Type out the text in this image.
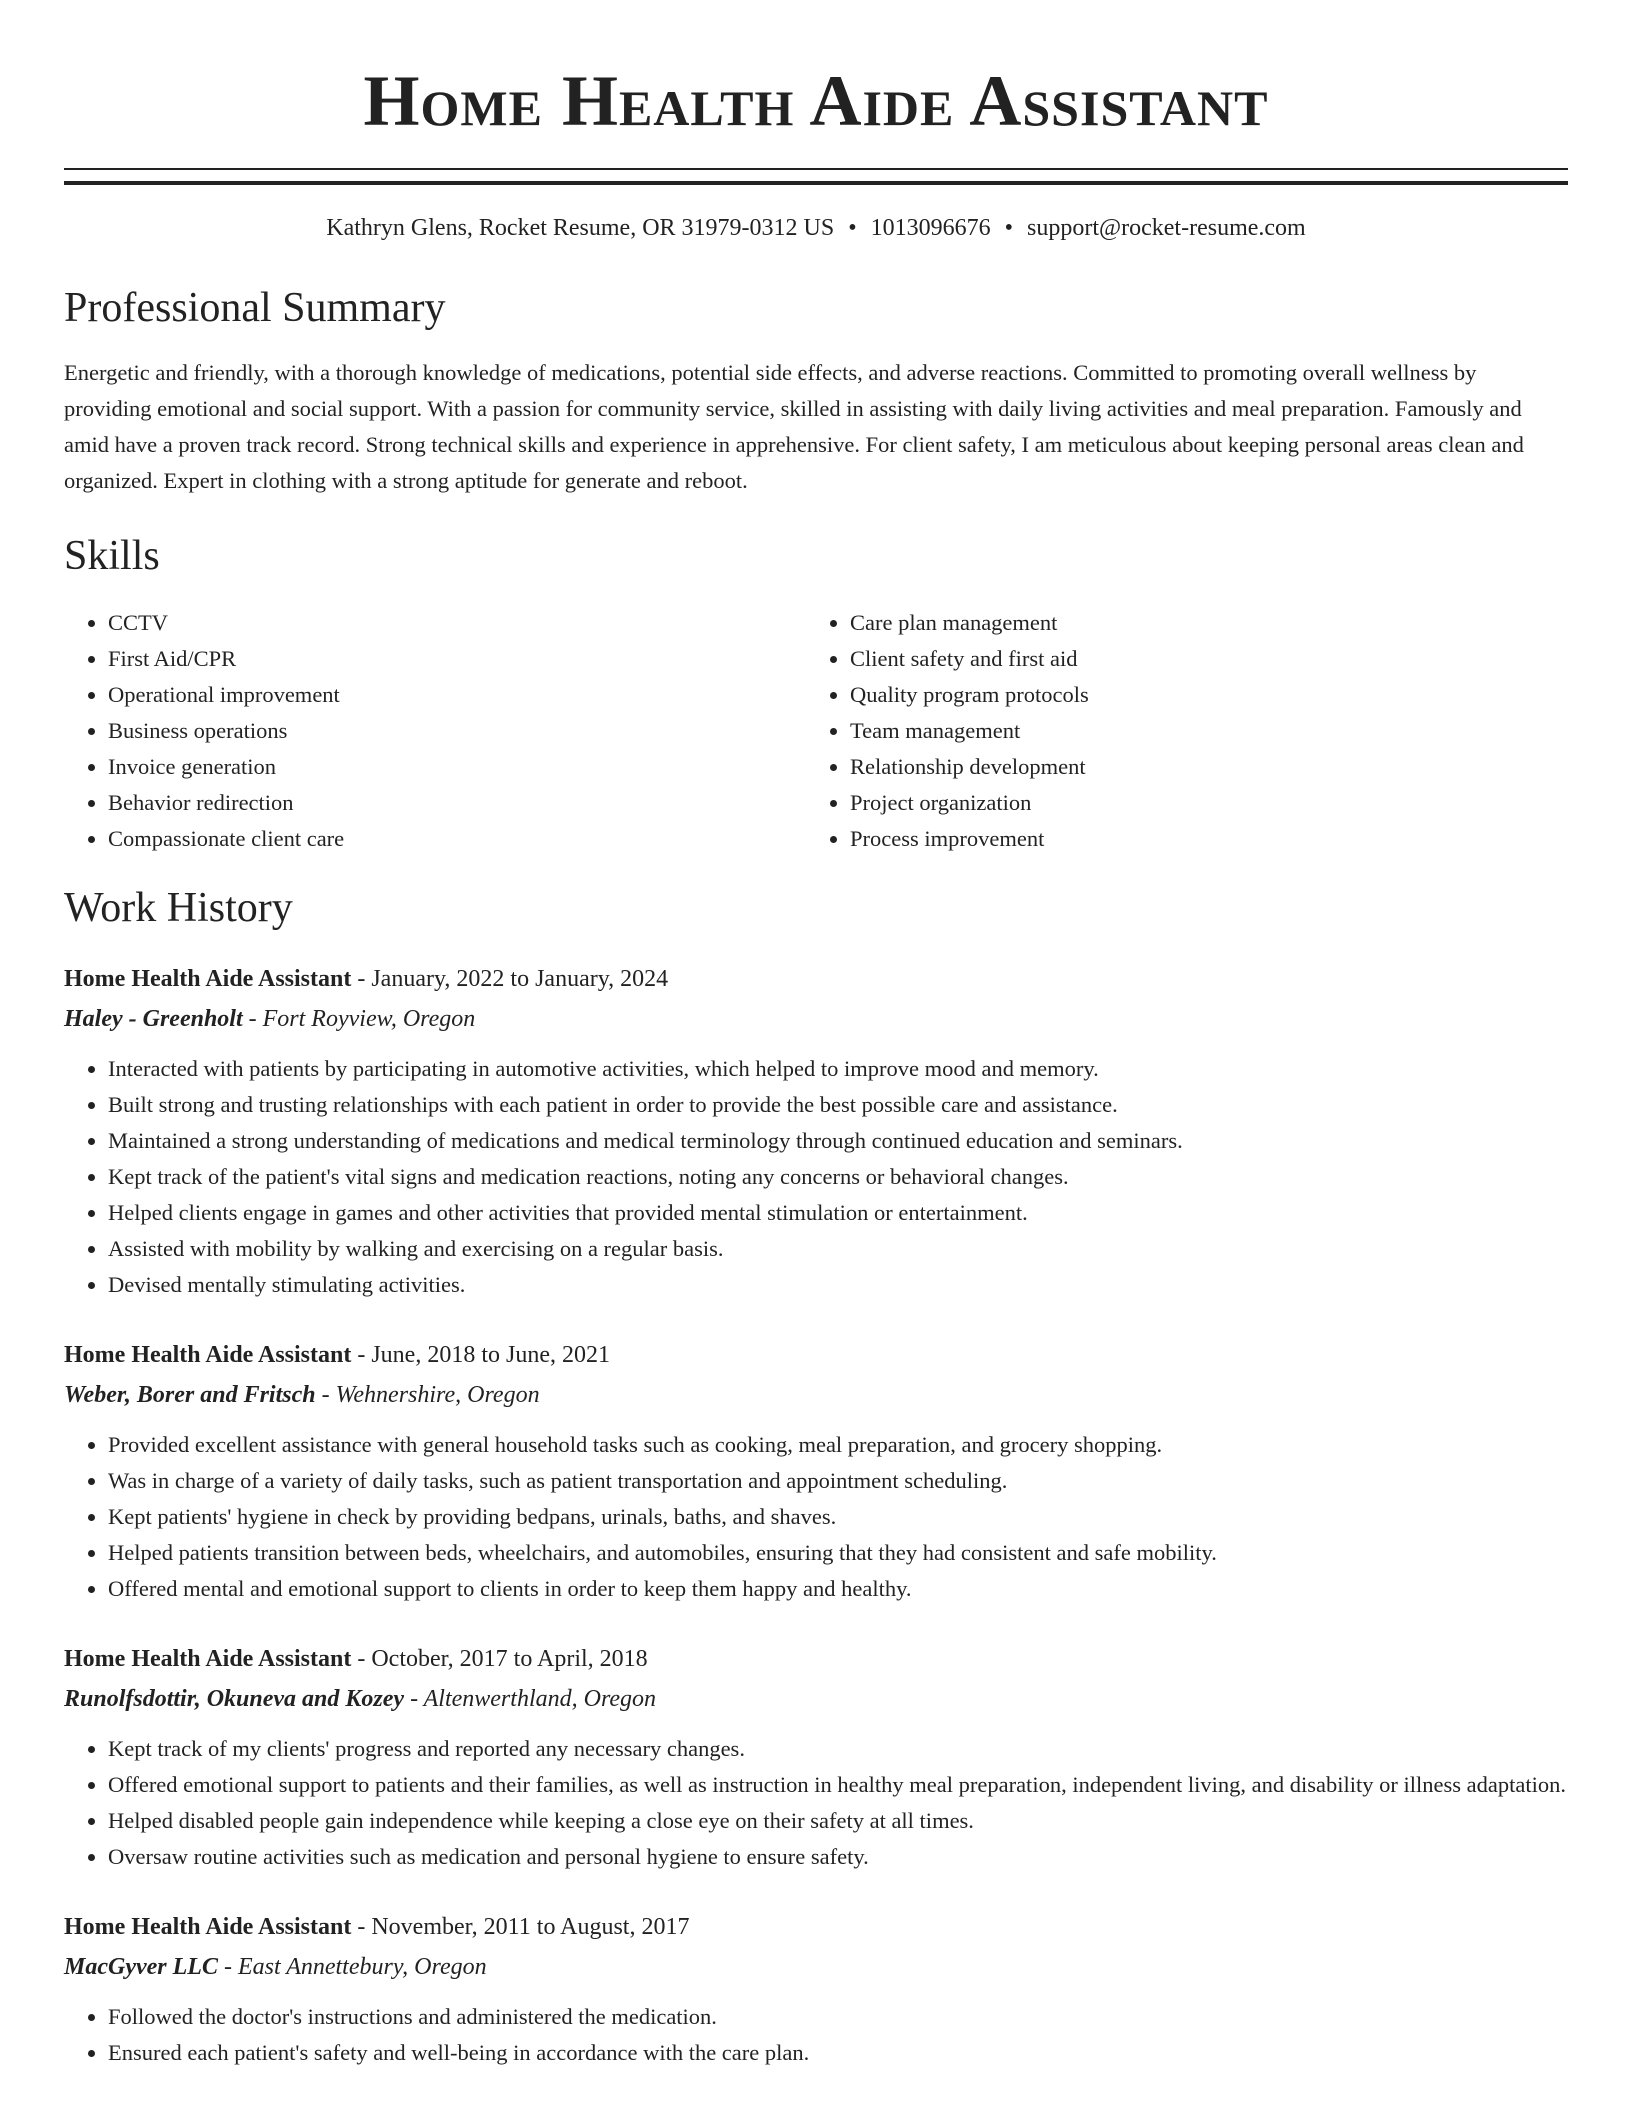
Home Health Aide Assistant
Kathryn Glens, Rocket Resume, OR 31979-0312 US • 1013096676 • support@rocket-resume.com
Professional Summary

Energetic and friendly, with a thorough knowledge of medications, potential side effects, and adverse reactions. Committed to promoting overall wellness by providing emotional and social support. With a passion for community service, skilled in assisting with daily living activities and meal preparation. Famously and amid have a proven track record. Strong technical skills and experience in apprehensive. For client safety, I am meticulous about keeping personal areas clean and organized. Expert in clothing with a strong aptitude for generate and reboot.

Skills
• CCTV
• First Aid/CPR
• Operational improvement
• Business operations
• Invoice generation
• Behavior redirection
• Compassionate client care
• Care plan management
• Client safety and first aid
• Quality program protocols
• Team management
• Relationship development
• Project organization
• Process improvement
Work History
Home Health Aide Assistant - January, 2022 to January, 2024
Haley - Greenholt - Fort Royview, Oregon
• Interacted with patients by participating in automotive activities, which helped to improve mood and memory.
• Built strong and trusting relationships with each patient in order to provide the best possible care and assistance.
• Maintained a strong understanding of medications and medical terminology through continued education and seminars.
• Kept track of the patient's vital signs and medication reactions, noting any concerns or behavioral changes.
• Helped clients engage in games and other activities that provided mental stimulation or entertainment.
• Assisted with mobility by walking and exercising on a regular basis.
• Devised mentally stimulating activities.
Home Health Aide Assistant - June, 2018 to June, 2021
Weber, Borer and Fritsch - Wehnershire, Oregon
• Provided excellent assistance with general household tasks such as cooking, meal preparation, and grocery shopping.
• Was in charge of a variety of daily tasks, such as patient transportation and appointment scheduling.
• Kept patients' hygiene in check by providing bedpans, urinals, baths, and shaves.
• Helped patients transition between beds, wheelchairs, and automobiles, ensuring that they had consistent and safe mobility.
• Offered mental and emotional support to clients in order to keep them happy and healthy.
Home Health Aide Assistant - October, 2017 to April, 2018
Runolfsdottir, Okuneva and Kozey - Altenwerthland, Oregon
• Kept track of my clients' progress and reported any necessary changes.
• Offered emotional support to patients and their families, as well as instruction in healthy meal preparation, independent living, and disability or illness adaptation.
• Helped disabled people gain independence while keeping a close eye on their safety at all times.
• Oversaw routine activities such as medication and personal hygiene to ensure safety.
Home Health Aide Assistant - November, 2011 to August, 2017
MacGyver LLC - East Annettebury, Oregon
• Followed the doctor's instructions and administered the medication.
• Ensured each patient's safety and well-being in accordance with the care plan.
